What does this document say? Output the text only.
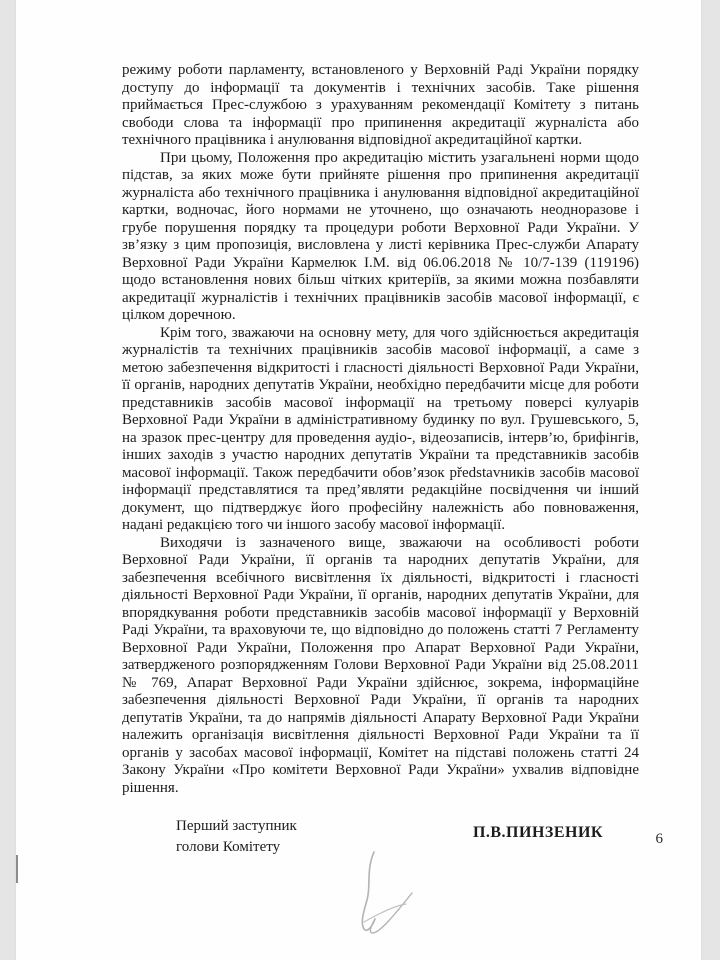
режиму роботи парламенту, встановленого у Верховній Раді України порядку доступу до інформації та документів і технічних засобів. Таке рішення приймається Прес-службою з урахуванням рекомендації Комітету з питань свободи слова та інформації про припинення акредитації журналіста або технічного працівника і анулювання відповідної акредитаційної картки.

При цьому, Положення про акредитацію містить узагальнені норми щодо підстав, за яких може бути прийняте рішення про припинення акредитації журналіста або технічного працівника і анулювання відповідної акредитаційної картки, водночас, його нормами не уточнено, що означають неодноразове і грубе порушення порядку та процедури роботи Верховної Ради України. У зв’язку з цим пропозиція, висловлена у листі керівника Прес-служби Апарату Верховної Ради України Кармелюк І.М. від 06.06.2018 № 10/7-139 (119196) щодо встановлення нових більш чітких критеріїв, за якими можна позбавляти акредитації журналістів і технічних працівників засобів масової інформації, є цілком доречною.

Крім того, зважаючи на основну мету, для чого здійснюється акредитація журналістів та технічних працівників засобів масової інформації, а саме з метою забезпечення відкритості і гласності діяльності Верховної Ради України, її органів, народних депутатів України, необхідно передбачити місце для роботи представників засобів масової інформації на третьому поверсі кулуарів Верховної Ради України в адміністративному будинку по вул. Грушевського, 5, на зразок прес-центру для проведення аудіо-, відеозаписів, інтерв’ю, брифінгів, інших заходів з участю народних депутатів України та представників засобів масової інформації. Також передбачити обов’язок představників засобів масової інформації представлятися та пред’являти редакційне посвідчення чи інший документ, що підтверджує його професійну належність або повноваження, надані редакцією того чи іншого засобу масової інформації.

Виходячи із зазначеного вище, зважаючи на особливості роботи Верховної Ради України, її органів та народних депутатів України, для забезпечення всебічного висвітлення їх діяльності, відкритості і гласності діяльності Верховної Ради України, її органів, народних депутатів України, для впорядкування роботи представників засобів масової інформації у Верховній Раді України, та враховуючи те, що відповідно до положень статті 7 Регламенту Верховної Ради України, Положення про Апарат Верховної Ради України, затвердженого розпорядженням Голови Верховної Ради України від 25.08.2011 № 769, Апарат Верховної Ради України здійснює, зокрема, інформаційне забезпечення діяльності Верховної Ради України, її органів та народних депутатів України, та до напрямів діяльності Апарату Верховної Ради України належить організація висвітлення діяльності Верховної Ради України та її органів у засобах масової інформації, Комітет на підставі положень статті 24 Закону України «Про комітети Верховної Ради України» ухвалив відповідне рішення.

Перший заступник
голови Комітету
П.В.ПИНЗЕНИК	6
